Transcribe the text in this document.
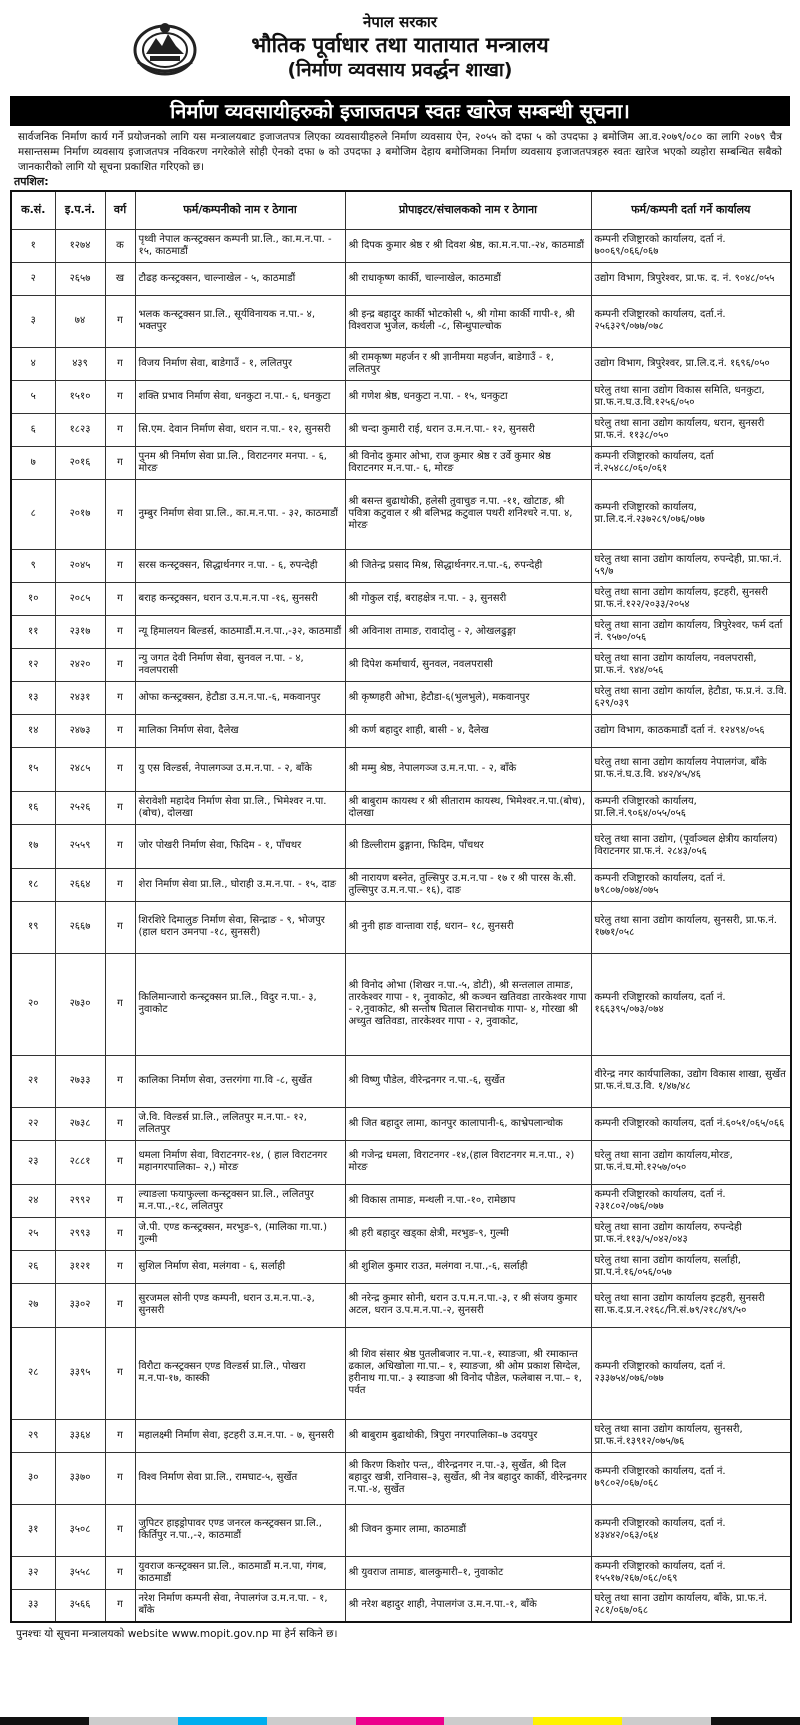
नेपाल सरकार
भौतिक पूर्वाधार तथा यातायात मन्त्रालय
(निर्माण व्यवसाय प्रवर्द्धन शाखा)
निर्माण व्यवसायीहरुको इजाजतपत्र स्वतः खारेज सम्बन्धी सूचना।
सार्वजनिक निर्माण कार्य गर्ने प्रयोजनको लागि यस मन्त्रालयबाट इजाजतपत्र लिएका व्यवसायीहरुले निर्माण व्यवसाय ऐन, २०५५ को दफा ५ को उपदफा ३ बमोजिम आ.व.२०७९/०८० का लागि २०७९ चैत्र मसान्तसम्म निर्माण व्यवसाय इजाजतपत्र नविकरण नगरेकोले सोही ऐनको दफा ७ को उपदफा ३ बमोजिम देहाय बमोजिमका निर्माण व्यवसाय इजाजतपत्रहरु स्वतः खारेज भएको व्यहोरा सम्बन्धित सबैको जानकारीको लागि यो सूचना प्रकाशित गरिएको छ।
तपशिल:
क.सं.	इ.प.नं.	वर्ग	फर्म/कम्पनीको नाम र ठेगाना	प्रोपाइटर/संचालकको नाम र ठेगाना	फर्म/कम्पनी दर्ता गर्ने कार्यालय
१	१२७४	क	पृथ्वी नेपाल कन्स्ट्रक्सन कम्पनी प्रा.लि., का.म.न.पा. - १५, काठमाडौं	श्री दिपक कुमार श्रेष्ठ र श्री दिवश श्रेष्ठ, का.म.न.पा.-२४, काठमाडौं	कम्पनी रजिष्ट्रारको कार्यालय, दर्ता नं. ७००६९/०६६/०६७
२	२६५७	ख	टौढह कन्स्ट्रक्सन, चाल्नाखेल - ५, काठमाडौं	श्री राधाकृष्ण कार्की, चाल्नाखेल, काठमाडौं	उद्योग विभाग, त्रिपुरेश्वर, प्रा.फ. द. नं. ९०४८/०५५
३	७४	ग	भलक कन्स्ट्रक्सन प्रा.लि., सूर्यविनायक न.पा.- ४, भक्तपुर	श्री इन्द्र बहादुर कार्की भोटकोसी ५, श्री गोमा कार्की गापी-१, श्री विश्वराज भुजेल, कर्थली -८, सिन्धुपाल्चोक	कम्पनी रजिष्ट्रारको कार्यालय, दर्ता.नं. २५६३२९/०७७/०७८
४	४३९	ग	विजय निर्माण सेवा, बाडेगाउँ - १, ललितपुर	श्री रामकृष्ण महर्जन र श्री ज्ञानीमया महर्जन, बाडेगाउँ - १, ललितपुर	उद्योग विभाग, त्रिपुरेश्वर, प्रा.लि.द.नं. १६९६/०५०
५	१५१०	ग	शक्ति प्रभाव निर्माण सेवा, धनकुटा न.पा.- ६, धनकुटा	श्री गणेश श्रेष्ठ, धनकुटा न.पा. - १५, धनकुटा	घरेलु तथा साना उद्योग विकास समिति, धनकुटा, प्रा.फ.न.घ.उ.वि.१२५६/०५०
६	१८२३	ग	सि.एम. देवान निर्माण सेवा, धरान न.पा.- १२, सुनसरी	श्री चन्दा कुमारी राई, धरान उ.म.न.पा.- १२, सुनसरी	घरेलु तथा साना उद्योग कार्यालय, धरान, सुनसरी प्रा.फ.नं. ११३८/०५०
७	२०१६	ग	पुनम श्री निर्माण सेवा प्रा.लि., विराटनगर मनपा. - ६, मोरङ	श्री विनोद कुमार ओभा, राज कुमार श्रेष्ठ र उर्वे कुमार श्रेष्ठ विराटनगर म.न.पा.- ६, मोरङ	कम्पनी रजिष्ट्रारको कार्यालय, दर्ता नं.२५४८८/०६०/०६१
८	२०१७	ग	नुम्बुर निर्माण सेवा प्रा.लि., का.म.न.पा. - ३२, काठमाडौं	श्री बसन्त बुढाथोकी, हलेसी तुवाचुङ न.पा. -११, खोटाङ, श्री पवित्रा कटुवाल र श्री बलिभद्र कटुवाल पथरी शनिश्चरे न.पा. ४, मोरङ	कम्पनी रजिष्ट्रारको कार्यालय, प्रा.लि.द.नं.२३७२८९/०७६/०७७
९	२०४५	ग	सरस कन्स्ट्रक्सन, सिद्धार्थनगर न.पा. - ६, रुपन्देही	श्री जितेन्द्र प्रसाद मिश्र, सिद्धार्थनगर.न.पा.-६, रुपन्देही	घरेलु तथा साना उद्योग कार्यालय, रुपन्देही, प्रा.फा.नं. ५९/७
१०	२०८५	ग	बराह कन्स्ट्रक्सन, धरान उ.प.म.न.पा -१६, सुनसरी	श्री गोकुल राई, बराहक्षेत्र न.पा. - ३, सुनसरी	घरेलु तथा साना उद्योग कार्यालय, इटहरी, सुनसरी प्रा.फ.नं.१२२/२०३३/२०५४
११	२३१७	ग	न्यू हिमालयन बिल्डर्स, काठमाडौं.म.न.पा.,-३२, काठमाडौं	श्री अविनाश तामाङ, रावादोलु - २, ओखलढुङ्गा	घरेलु तथा साना उद्योग कार्यालय, त्रिपुरेश्वर, फर्म दर्ता नं. ९५७०/०५६
१२	२४२०	ग	न्यु जगत देवी निर्माण सेवा, सुनवल न.पा. - ४, नवलपरासी	श्री दिपेश कर्माचार्य, सुनवल, नवलपरासी	घरेलु तथा साना उद्योग कार्यालय, नवलपरासी, प्रा.फ.नं. ९४४/०५६
१३	२४३१	ग	ओफा कन्स्ट्रक्सन, हेटौडा उ.म.न.पा.-६, मकवानपुर	श्री कृष्णहरी ओभा, हेटौडा-६(भुलभुले), मकवानपुर	घरेलु तथा साना उद्योग कार्याल, हेटौडा, फ.प्र.नं. उ.वि. ६२९/०३९
१४	२४७३	ग	मालिका निर्माण सेवा, दैलेख	श्री कर्ण बहादुर शाही, बासी - ४, दैलेख	उद्योग विभाग, काठकमाडौं दर्ता नं. १२४९४/०५६
१५	२४८५	ग	यु एस विल्डर्स, नेपालगञ्ज उ.म.न.पा. - २, बाँके	श्री मम्मु श्रेष्ठ, नेपालगञ्ज उ.म.न.पा. - २, बाँके	घरेलु तथा साना उद्योग कार्यालय नेपालगंज, बाँके प्रा.फ.नं.घ.उ.वि. ४४२/४५/४६
१६	२५२६	ग	सेरावेशी महादेव निर्माण सेवा प्रा.लि., भिमेश्वर न.पा.(बोच), दोलखा	श्री बाबुराम कायस्थ र श्री सीताराम कायस्थ, भिमेश्वर.न.पा.(बोच), दोलखा	कम्पनी रजिष्ट्रारको कार्यालय, प्रा.लि.नं.९०६४/०५५/०५६
१७	२५५९	ग	जोर पोखरी निर्माण सेवा, फिदिम - १, पाँचथर	श्री डिल्लीराम ढुङ्गाना, फिदिम, पाँचथर	घरेलु तथा साना उद्योग, (पूर्वाञ्चल क्षेत्रीय कार्यालय) विराटनगर प्रा.फ.नं. २८४३/०५६
१८	२६६४	ग	शेरा निर्माण सेवा प्रा.लि., घोराही उ.म.न.पा. - १५, दाङ	श्री नारायण बस्नेत, तुल्सिपुर उ.म.न.पा - १७ र श्री पारस के.सी. तुल्सिपुर उ.म.न.पा.- १६), दाङ	कम्पनी रजिष्ट्रारको कार्यालय, दर्ता नं. ७९८०७/०७४/०७५
१९	२६६७	ग	शिरशिरे दिमालुङ निर्माण सेवा, सिन्द्राङ - ९, भोजपुर (हाल धरान उमनपा -१८, सुनसरी)	श्री नुनी हाङ वान्तावा राई, धरान– १८, सुनसरी	घरेलु तथा साना उद्योग कार्यालय, सुनसरी, प्रा.फ.नं. १७७१/०५८
२०	२७३०	ग	किलिमान्जारो कन्स्ट्रक्सन प्रा.लि., विदुर न.पा.- ३, नुवाकोट	श्री विनोद ओभा (शिखर न.पा.-५, डोटी), श्री सन्तलाल तामाङ, तारकेश्वर गापा - १, नुवाकोट, श्री कञ्चन खतिवडा तारकेश्वर गापा - २,नुवाकोट, श्री सन्तोष घिताल सिरानचोक गापा- ४, गोरखा श्री अच्युत खतिवडा, तारकेश्वर गापा - २, नुवाकोट,	कम्पनी रजिष्ट्रारको कार्यालय, दर्ता नं. १६६३९५/०७३/०७४
२१	२७३३	ग	कालिका निर्माण सेवा, उत्तरगंगा गा.वि -८, सुर्खेत	श्री विष्णु पौडेल, वीरेन्द्रनगर न.पा.-६, सुर्खेत	वीरेन्द्र नगर कार्यपालिका, उद्योग विकास शाखा, सुर्खेत प्रा.फ.नं.घ.उ.वि. १/४७/४८
२२	२७३८	ग	जे.वि. विल्डर्स प्रा.लि., ललितपुर म.न.पा.- १२, ललितपुर	श्री जित बहादुर लामा, कानपुर कालापानी-६, काभ्रेपलान्चोक	कम्पनी रजिष्ट्रारको कार्यालय, दर्ता नं.६०५१/०६५/०६६
२३	२८८१	ग	धमला निर्माण सेवा, विराटनगर-१४, ( हाल विराटनगर महानगरपालिका– २,) मोरङ	श्री गजेन्द्र धमला, विराटनगर -१४,(हाल विराटनगर म.न.पा., २) मोरङ	घरेलु तथा साना उद्योग कार्यालय,मोरङ, प्रा.फ.नं.घ.मो.१२५७/०५०
२४	२९९२	ग	ल्याङला फयाफुल्ला कन्स्ट्रक्सन प्रा.लि., ललितपुर म.न.पा.,-१८, ललितपुर	श्री विकास तामाङ, मन्थली न.पा.-१०, रामेछाप	कम्पनी रजिष्ट्रारको कार्यालय, दर्ता नं. २३१८०२/०७६/०७७
२५	२९९३	ग	जे.पी. एण्ड कन्स्ट्रक्सन, मरभुङ-९, (मालिका गा.पा.) गुल्मी	श्री हरी बहादुर खड्का क्षेत्री, मरभुङ-९, गुल्मी	घरेलु तथा साना उद्योग कार्यालय, रुपन्देही प्रा.फ.नं.११३/५/०४२/०४३
२६	३१२१	ग	सुशिल निर्माण सेवा, मलंगवा - ६, सर्लाही	श्री शुशिल कुमार राउत, मलंगवा न.पा.,-६, सर्लाही	घरेलु तथा साना उद्योग कार्यालय, सर्लाही, प्रा.प.नं.१६/०५६/०५७
२७	३३०२	ग	सुरजमल सोनी एण्ड कम्पनी, धरान उ.म.न.पा.-३, सुनसरी	श्री नरेन्द्र कुमार सोनी, धरान उ.प.म.न.पा.-३, र श्री संजय कुमार अटल, धरान उ.प.म.न.पा.-२, सुनसरी	घरेलु तथा साना उद्योग कार्यालय इटहरी, सुनसरी सा.फ.द.प्र.न.२१६८/नि.सं.७९/२१८/४९/५०
२८	३३९५	ग	विरौटा कन्स्ट्रक्सन एण्ड विल्डर्स प्रा.लि., पोखरा म.न.पा-१७, कास्की	श्री शिव संसार श्रेष्ठ पुतलीबजार न.पा.-१, स्याङजा, श्री रमाकान्त ढकाल, अधिखोला गा.पा.– १, स्याङजा, श्री ओम प्रकाश सिग्देल, हरीनाथ गा.पा.- ३ स्याङजा श्री विनोद पौडेल, फलेबास न.पा.– १, पर्वत	कम्पनी रजिष्ट्रारको कार्यालय, दर्ता नं. २३३७५४/०७६/०७७
२९	३३६४	ग	महालक्ष्मी निर्माण सेवा, इटहरी उ.म.न.पा. - ७, सुनसरी	श्री बाबुराम बुढाथोकी, त्रिपुरा नगरपालिका–७ उदयपुर	घरेलु तथा साना उद्योग कार्यालय, सुनसरी, प्रा.फ.नं.१३९१२/०७५/७६
३०	३३७०	ग	विश्व निर्माण सेवा प्रा.लि., रामघाट-५, सुर्खेत	श्री किरण किशोर पन्त,, वीरेन्द्रनगर न.पा.-३, सुर्खेत, श्री दिल बहादुर खत्री, रानिवास–३, सुर्खेत, श्री नेत्र बहादुर कार्की, वीरेन्द्रनगर न.पा.-४, सुर्खेत	कम्पनी रजिष्ट्रारको कार्यालय, दर्ता नं. ७९८०२/०६७/०६८
३१	३५०८	ग	जुपिटर हाइड्रोपावर एण्ड जनरल कन्स्ट्रक्सन प्रा.लि., किर्तिपुर न.पा.,-२, काठमाडौं	श्री जिवन कुमार लामा, काठमाडौं	कम्पनी रजिष्ट्रारको कार्यालय, दर्ता नं. ४३४४२/०६३/०६४
३२	३५५८	ग	युवराज कन्स्ट्रक्सन प्रा.लि., काठमाडौं म.न.पा, गंगब, काठमाडौं	श्री युवराज तामाङ, बालकुमारी–१, नुवाकोट	कम्पनी रजिष्ट्रारको कार्यालय, दर्ता नं. १५५१७/२६७/०६८/०६९
३३	३५६६	ग	नरेश निर्माण कम्पनी सेवा, नेपालगंज उ.म.न.पा. - १, बाँके	श्री नरेश बहादुर शाही, नेपालगंज उ.म.न.पा.-१, बाँके	घरेलु तथा साना उद्योग कार्यालय, बाँके, प्रा.फ.नं. २८१/०६७/०६८
पुनश्चः यो सूचना मन्त्रालयको website www.mopit.gov.np मा हेर्न सकिने छ।
